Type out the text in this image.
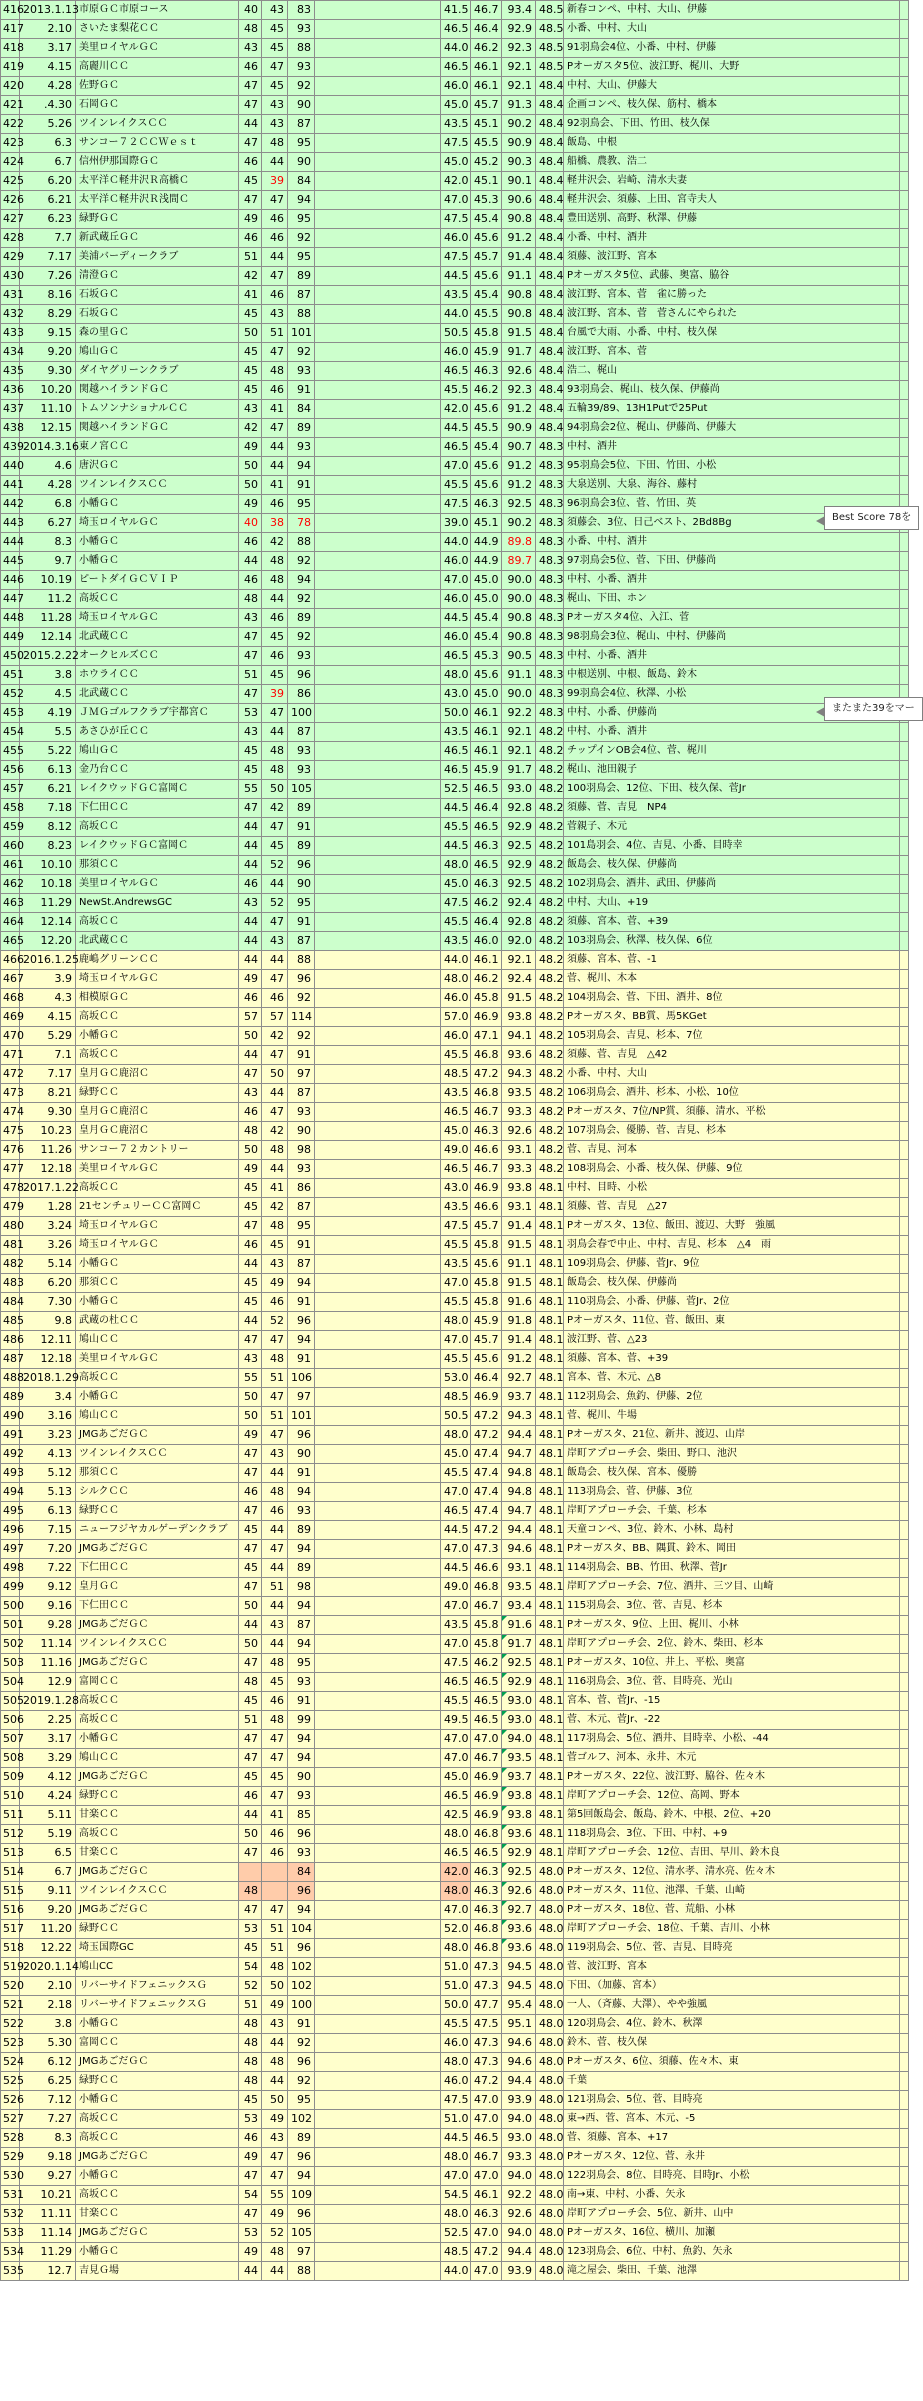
416	2013.1.13	市原ＧＣ市原コース	40	43	83		41.5	46.7	93.4	48.5	新春コンペ、中村、大山、伊藤	
417	2.10	さいたま梨花ＣＣ	48	45	93		46.5	46.4	92.9	48.5	小番、中村、大山	
418	3.17	美里ロイヤルＧＣ	43	45	88		44.0	46.2	92.3	48.5	91羽鳥会4位、小番、中村、伊藤	
419	4.15	高麗川ＣＣ	46	47	93		46.5	46.1	92.1	48.5	Pオーガスタ5位、波江野、梶川、大野	
420	4.28	佐野ＧＣ	47	45	92		46.0	46.1	92.1	48.4	中村、大山、伊藤大	
421	.4.30	石岡ＧＣ	47	43	90		45.0	45.7	91.3	48.4	企画コンペ、枝久保、筋村、橋本	
422	5.26	ツインレイクスＣＣ	44	43	87		43.5	45.1	90.2	48.4	92羽鳥会、下田、竹田、枝久保	
423	6.3	サンコー７２ＣＣＷｅｓｔ	47	48	95		47.5	45.5	90.9	48.4	飯島、中根	
424	6.7	信州伊那国際ＧＣ	46	44	90		45.0	45.2	90.3	48.4	船橋、農教、浩二	
425	6.20	太平洋Ｃ軽井沢Ｒ高橋Ｃ	45	39	84		42.0	45.1	90.1	48.4	軽井沢会、岩崎、清水夫妻	
426	6.21	太平洋Ｃ軽井沢Ｒ浅間Ｃ	47	47	94		47.0	45.3	90.6	48.4	軽井沢会、須藤、上田、宮寺夫人	
427	6.23	緑野ＧＣ	49	46	95		47.5	45.4	90.8	48.4	豊田送別、高野、秋澤、伊藤	
428	7.7	新武蔵丘ＧＣ	46	46	92		46.0	45.6	91.2	48.4	小番、中村、酒井	
429	7.17	美浦バーディークラブ	51	44	95		47.5	45.7	91.4	48.4	須藤、波江野、宮本	
430	7.26	清澄ＧＣ	42	47	89		44.5	45.6	91.1	48.4	Pオーガスタ5位、武藤、奥富、脇谷	
431	8.16	石坂ＧＣ	41	46	87		43.5	45.4	90.8	48.4	波江野、宮本、菅　雀に勝った	
432	8.29	石坂ＧＣ	45	43	88		44.0	45.5	90.8	48.4	波江野、宮本、菅　菅さんにやられた	
433	9.15	森の里ＧＣ	50	51	101		50.5	45.8	91.5	48.4	台風で大雨、小番、中村、枝久保	
434	9.20	鳩山ＧＣ	45	47	92		46.0	45.9	91.7	48.4	波江野、宮本、菅	
435	9.30	ダイヤグリーンクラブ	45	48	93		46.5	46.3	92.6	48.4	浩二、梶山	
436	10.20	関越ハイランドＧＣ	45	46	91		45.5	46.2	92.3	48.4	93羽鳥会、梶山、枝久保、伊藤尚	
437	11.10	トムソンナショナルＣＣ	43	41	84		42.0	45.6	91.2	48.4	五輪39/89、13H1Putで25Put	
438	12.15	関越ハイランドＧＣ	42	47	89		44.5	45.5	90.9	48.4	94羽鳥会2位、梶山、伊藤尚、伊藤大	
439	2014.3.16	東ノ宮ＣＣ	49	44	93		46.5	45.4	90.7	48.3	中村、酒井	
440	4.6	唐沢ＧＣ	50	44	94		47.0	45.6	91.2	48.3	95羽鳥会5位、下田、竹田、小松	
441	4.28	ツインレイクスＣＣ	50	41	91		45.5	45.6	91.2	48.3	大泉送別、大泉、海谷、藤村	
442	6.8	小幡ＧＣ	49	46	95		47.5	46.3	92.5	48.3	96羽鳥会3位、菅、竹田、英	
443	6.27	埼玉ロイヤルＧＣ	40	38	78		39.0	45.1	90.2	48.3	須藤会、3位、日己ベスト、2Bd8Bg	
444	8.3	小幡ＧＣ	46	42	88		44.0	44.9	89.8	48.3	小番、中村、酒井	
445	9.7	小幡ＧＣ	44	48	92		46.0	44.9	89.7	48.3	97羽鳥会5位、菅、下田、伊藤尚	
446	10.19	ピートダイＧＣＶＩＰ	46	48	94		47.0	45.0	90.0	48.3	中村、小番、酒井	
447	11.2	高坂ＣＣ	48	44	92		46.0	45.0	90.0	48.3	梶山、下田、ホン	
448	11.28	埼玉ロイヤルＧＣ	43	46	89		44.5	45.4	90.8	48.3	Pオーガスタ4位、入江、菅	
449	12.14	北武蔵ＣＣ	47	45	92		46.0	45.4	90.8	48.3	98羽鳥会3位、梶山、中村、伊藤尚	
450	2015.2.22	オークヒルズＣＣ	47	46	93		46.5	45.3	90.5	48.3	中村、小番、酒井	
451	3.8	ホウライＣＣ	51	45	96		48.0	45.6	91.1	48.3	中根送別、中根、飯島、鈴木	
452	4.5	北武蔵ＣＣ	47	39	86		43.0	45.0	90.0	48.3	99羽鳥会4位、秋澤、小松	
453	4.19	ＪＭＧゴルフクラブ宇都宮Ｃ	53	47	100		50.0	46.1	92.2	48.3	中村、小番、伊藤尚	
454	5.5	あさひが丘ＣＣ	43	44	87		43.5	46.1	92.1	48.2	中村、小番、酒井	
455	5.22	鳩山ＧＣ	45	48	93		46.5	46.1	92.1	48.2	チップインOB会4位、菅、梶川	
456	6.13	金乃台ＣＣ	45	48	93		46.5	45.9	91.7	48.2	梶山、池田親子	
457	6.21	レイクウッドＧＣ富岡Ｃ	55	50	105		52.5	46.5	93.0	48.2	100羽鳥会、12位、下田、枝久保、菅Jr	
458	7.18	下仁田ＣＣ	47	42	89		44.5	46.4	92.8	48.2	須藤、菅、吉見　NP4	
459	8.12	高坂ＣＣ	44	47	91		45.5	46.5	92.9	48.2	菅親子、木元	
460	8.23	レイクウッドＧＣ富岡Ｃ	44	45	89		44.5	46.3	92.5	48.2	101島羽会、4位、吉見、小番、目時幸	
461	10.10	那須ＣＣ	44	52	96		48.0	46.5	92.9	48.2	飯島会、枝久保、伊藤尚	
462	10.18	美里ロイヤルＧＣ	46	44	90		45.0	46.3	92.5	48.2	102羽鳥会、酒井、武田、伊藤尚	
463	11.29	NewSt.AndrewsGC	43	52	95		47.5	46.2	92.4	48.2	中村、大山、+19	
464	12.14	高坂ＣＣ	44	47	91		45.5	46.4	92.8	48.2	須藤、宮本、菅、+39	
465	12.20	北武蔵ＣＣ	44	43	87		43.5	46.0	92.0	48.2	103羽鳥会、秋澤、枝久保、6位	
466	2016.1.25	鹿嶋グリーンＣＣ	44	44	88		44.0	46.1	92.1	48.2	須藤、宮本、菅、-1	
467	3.9	埼玉ロイヤルＧＣ	49	47	96		48.0	46.2	92.4	48.2	菅、梶川、木本	
468	4.3	相模原ＧＣ	46	46	92		46.0	45.8	91.5	48.2	104羽鳥会、菅、下田、酒井、8位	
469	4.15	高坂ＣＣ	57	57	114		57.0	46.9	93.8	48.2	Pオーガスタ、BB賞、馬5KGet	
470	5.29	小幡ＧＣ	50	42	92		46.0	47.1	94.1	48.2	105羽鳥会、吉見、杉本、7位	
471	7.1	高坂ＣＣ	44	47	91		45.5	46.8	93.6	48.2	須藤、菅、吉見　△42	
472	7.17	皇月ＧＣ鹿沼Ｃ	47	50	97		48.5	47.2	94.3	48.2	小番、中村、大山	
473	8.21	緑野ＣＣ	43	44	87		43.5	46.8	93.5	48.2	106羽鳥会、酒井、杉本、小松、10位	
474	9.30	皇月ＧＣ鹿沼Ｃ	46	47	93		46.5	46.7	93.3	48.2	Pオーガスタ、7位/NP賞、須藤、清水、平松	
475	10.23	皇月ＧＣ鹿沼Ｃ	48	42	90		45.0	46.3	92.6	48.2	107羽鳥会、優勝、菅、吉見、杉本	
476	11.26	サンコー７２カントリー	50	48	98		49.0	46.6	93.1	48.2	菅、吉見、河本	
477	12.18	美里ロイヤルＧＣ	49	44	93		46.5	46.7	93.3	48.2	108羽鳥会、小番、枝久保、伊藤、9位	
478	2017.1.22	高坂ＣＣ	45	41	86		43.0	46.9	93.8	48.1	中村、目時、小松	
479	1.28	21センチュリーＣＣ富岡Ｃ	45	42	87		43.5	46.6	93.1	48.1	須藤、菅、吉見　△27	
480	3.24	埼玉ロイヤルＧＣ	47	48	95		47.5	45.7	91.4	48.1	Pオーガスタ、13位、飯田、渡辺、大野　強風	
481	3.26	埼玉ロイヤルＧＣ	46	45	91		45.5	45.8	91.5	48.1	羽鳥会春で中止、中村、吉見、杉本　△4　雨	
482	5.14	小幡ＧＣ	44	43	87		43.5	45.6	91.1	48.1	109羽鳥会、伊藤、菅Jr、9位	
483	6.20	那須ＣＣ	45	49	94		47.0	45.8	91.5	48.1	飯島会、枝久保、伊藤尚	
484	7.30	小幡ＧＣ	45	46	91		45.5	45.8	91.6	48.1	110羽鳥会、小番、伊藤、菅Jr、2位	
485	9.8	武蔵の杜ＣＣ	44	52	96		48.0	45.9	91.8	48.1	Pオーガスタ、11位、菅、飯田、東	
486	12.11	鳩山ＣＣ	47	47	94		47.0	45.7	91.4	48.1	波江野、菅、△23	
487	12.18	美里ロイヤルＧＣ	43	48	91		45.5	45.6	91.2	48.1	須藤、宮本、菅、+39	
488	2018.1.29	高坂ＣＣ	55	51	106		53.0	46.4	92.7	48.1	宮本、菅、木元、△8	
489	3.4	小幡ＧＣ	50	47	97		48.5	46.9	93.7	48.1	112羽鳥会、魚釣、伊藤、2位	
490	3.16	鳩山ＣＣ	50	51	101		50.5	47.2	94.3	48.1	菅、梶川、牛場	
491	3.23	JMGあごだＧＣ	49	47	96		48.0	47.2	94.4	48.1	Pオーガスタ、21位、新井、渡辺、山岸	
492	4.13	ツインレイクスＣＣ	47	43	90		45.0	47.4	94.7	48.1	岸町アプローチ会、柴田、野口、池沢	
493	5.12	那須ＣＣ	47	44	91		45.5	47.4	94.8	48.1	飯島会、枝久保、宮本、優勝	
494	5.13	シルクＣＣ	46	48	94		47.0	47.4	94.8	48.1	113羽鳥会、菅、伊藤、3位	
495	6.13	緑野ＣＣ	47	46	93		46.5	47.4	94.7	48.1	岸町アプローチ会、千葉、杉本	
496	7.15	ニューフジヤカルゲーデンクラブ	45	44	89		44.5	47.2	94.4	48.1	天童コンペ、3位、鈴木、小林、島村	
497	7.20	JMGあごだＧＣ	47	47	94		47.0	47.3	94.6	48.1	Pオーガスタ、BB、隅貫、鈴木、岡田	
498	7.22	下仁田ＣＣ	45	44	89		44.5	46.6	93.1	48.1	114羽鳥会、BB、竹田、秋澤、菅Jr	
499	9.12	皇月ＧＣ	47	51	98		49.0	46.8	93.5	48.1	岸町アプローチ会、7位、酒井、三ツ目、山崎	
500	9.16	下仁田ＣＣ	50	44	94		47.0	46.7	93.4	48.1	115羽鳥会、3位、菅、吉見、杉本	
501	9.28	JMGあごだＧＣ	44	43	87		43.5	45.8	91.6	48.1	Pオーガスタ、9位、上田、梶川、小林	
502	11.14	ツインレイクスＣＣ	50	44	94		47.0	45.8	91.7	48.1	岸町アプローチ会、2位、鈴木、柴田、杉本	
503	11.16	JMGあごだＧＣ	47	48	95		47.5	46.2	92.5	48.1	Pオーガスタ、10位、井上、平松、奥富	
504	12.9	富岡ＣＣ	48	45	93		46.5	46.5	92.9	48.1	116羽鳥会、3位、菅、目時亮、光山	
505	2019.1.28	高坂ＣＣ	45	46	91		45.5	46.5	93.0	48.1	宮本、菅、菅Jr、-15	
506	2.25	高坂ＣＣ	51	48	99		49.5	46.5	93.0	48.1	菅、木元、菅Jr、-22	
507	3.17	小幡ＧＣ	47	47	94		47.0	47.0	94.0	48.1	117羽鳥会、5位、酒井、目時幸、小松、-44	
508	3.29	鳩山ＣＣ	47	47	94		47.0	46.7	93.5	48.1	菅ゴルフ、河本、永井、木元	
509	4.12	JMGあごだＧＣ	45	45	90		45.0	46.9	93.7	48.1	Pオーガスタ、22位、波江野、脇谷、佐々木	
510	4.24	緑野ＣＣ	46	47	93		46.5	46.9	93.8	48.1	岸町アプローチ会、12位、高岡、野本	
511	5.11	甘楽ＣＣ	44	41	85		42.5	46.9	93.8	48.1	第5回飯島会、飯島、鈴木、中根、2位、+20	
512	5.19	高坂ＣＣ	50	46	96		48.0	46.8	93.6	48.1	118羽鳥会、3位、下田、中村、+9	
513	6.5	甘楽ＣＣ	47	46	93		46.5	46.5	92.9	48.1	岸町アプローチ会、12位、吉田、早川、鈴木良	
514	6.7	JMGあごだＧＣ			84		42.0	46.3	92.5	48.0	Pオーガスタ、12位、清水孝、清水亮、佐々木	
515	9.11	ツインレイクスＣＣ	48		96		48.0	46.3	92.6	48.0	Pオーガスタ、11位、池澤、千葉、山崎	
516	9.20	JMGあごだＧＣ	47	47	94		47.0	46.3	92.7	48.0	Pオーガスタ、18位、菅、荒船、小林	
517	11.20	緑野ＣＣ	53	51	104		52.0	46.8	93.6	48.0	岸町アプローチ会、18位、千葉、吉川、小林	
518	12.22	埼玉国際GC	45	51	96		48.0	46.8	93.6	48.0	119羽鳥会、5位、菅、吉見、目時亮	
519	2020.1.14	鳩山CC	54	48	102		51.0	47.3	94.5	48.0	菅、波江野、宮本	
520	2.10	リバーサイドフェニックスＧ	52	50	102		51.0	47.3	94.5	48.0	下田、（加藤、宮本）	
521	2.18	リバーサイドフェニックスＧ	51	49	100		50.0	47.7	95.4	48.0	一人、（斉藤、大澤）、やや強風	
522	3.8	小幡ＧＣ	48	43	91		45.5	47.5	95.1	48.0	120羽鳥会、4位、鈴木、秋澤	
523	5.30	富岡ＣＣ	48	44	92		46.0	47.3	94.6	48.0	鈴木、菅、枝久保	
524	6.12	JMGあごだＧＣ	48	48	96		48.0	47.3	94.6	48.0	Pオーガスタ、6位、須藤、佐々木、東	
525	6.25	緑野ＣＣ	48	44	92		46.0	47.2	94.4	48.0	千葉	
526	7.12	小幡ＧＣ	45	50	95		47.5	47.0	93.9	48.0	121羽鳥会、5位、菅、目時亮	
527	7.27	高坂ＣＣ	53	49	102		51.0	47.0	94.0	48.0	東→西、菅、宮本、木元、-5	
528	8.3	高坂ＣＣ	46	43	89		44.5	46.5	93.0	48.0	菅、須藤、宮本、+17	
529	9.18	JMGあごだＧＣ	49	47	96		48.0	46.7	93.3	48.0	Pオーガスタ、12位、菅、永井	
530	9.27	小幡ＧＣ	47	47	94		47.0	47.0	94.0	48.0	122羽鳥会、8位、目時亮、目時Jr、小松	
531	10.21	高坂ＣＣ	54	55	109		54.5	46.1	92.2	48.0	南→東、中村、小番、矢永	
532	11.11	甘楽ＣＣ	47	49	96		48.0	46.3	92.6	48.0	岸町アプローチ会、5位、新井、山中	
533	11.14	JMGあごだＧＣ	53	52	105		52.5	47.0	94.0	48.0	Pオーガスタ、16位、横川、加瀬	
534	11.29	小幡ＧＣ	49	48	97		48.5	47.2	94.4	48.0	123羽鳥会、6位、中村、魚釣、矢永	
535	12.7	吉見Ｇ場	44	44	88		44.0	47.0	93.9	48.0	滝之屋会、柴田、千葉、池澤	
Best Score 78を
またまた39をマー
